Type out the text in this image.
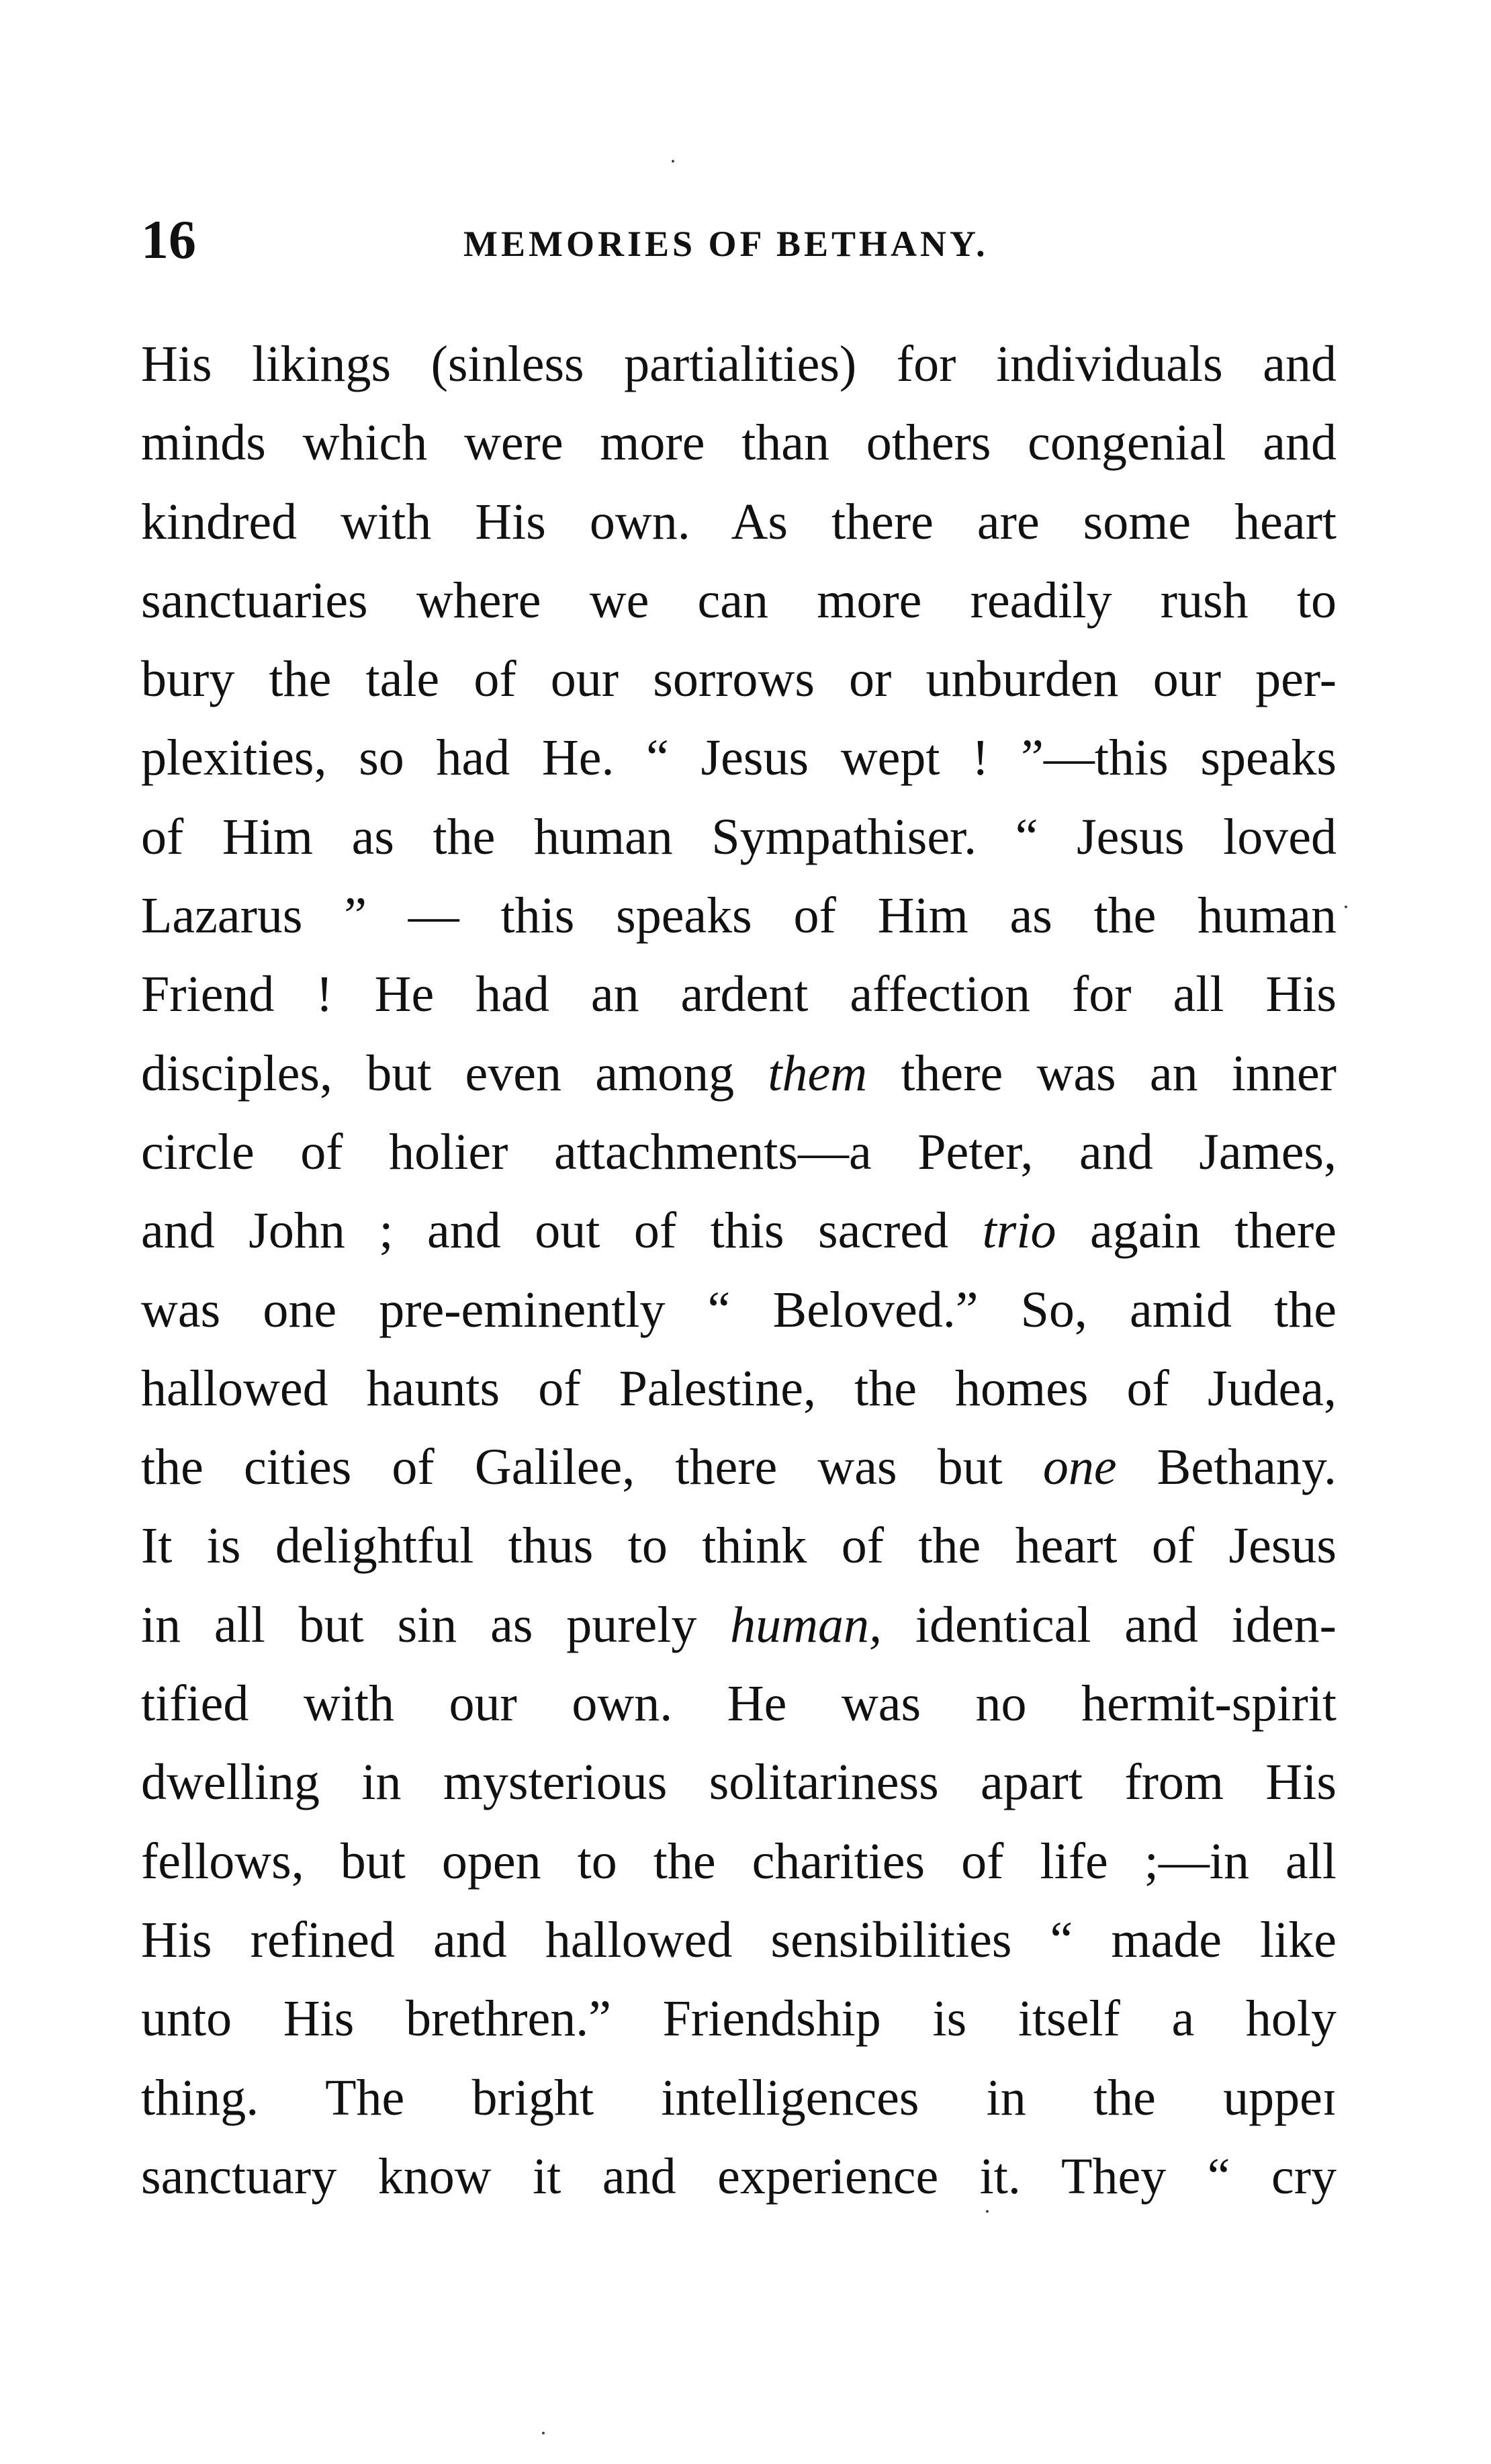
16	MEMORIES OF BETHANY.
His likings (sinless partialities) for individuals and
minds which were more than others congenial and
kindred with His own. As there are some heart
sanctuaries where we can more readily rush to
bury the tale of our sorrows or unburden our per-
plexities, so had He. “ Jesus wept ! ”—this speaks
of Him as the human Sympathiser. “ Jesus loved
Lazarus ” — this speaks of Him as the human
Friend ! He had an ardent affection for all His
disciples, but even among them there was an inner
circle of holier attachments—a Peter, and James,
and John ; and out of this sacred trio again there
was one pre-eminently “ Beloved.” So, amid the
hallowed haunts of Palestine, the homes of Judea,
the cities of Galilee, there was but one Bethany.
It is delightful thus to think of the heart of Jesus
in all but sin as purely human, identical and iden-
tified with our own. He was no hermit-spirit
dwelling in mysterious solitariness apart from His
fellows, but open to the charities of life ;—in all
His refined and hallowed sensibilities “ made like
unto His brethren.” Friendship is itself a holy
thing. The bright intelligences in the uppeɪ
sanctuary know it and experience it. They “ cry
